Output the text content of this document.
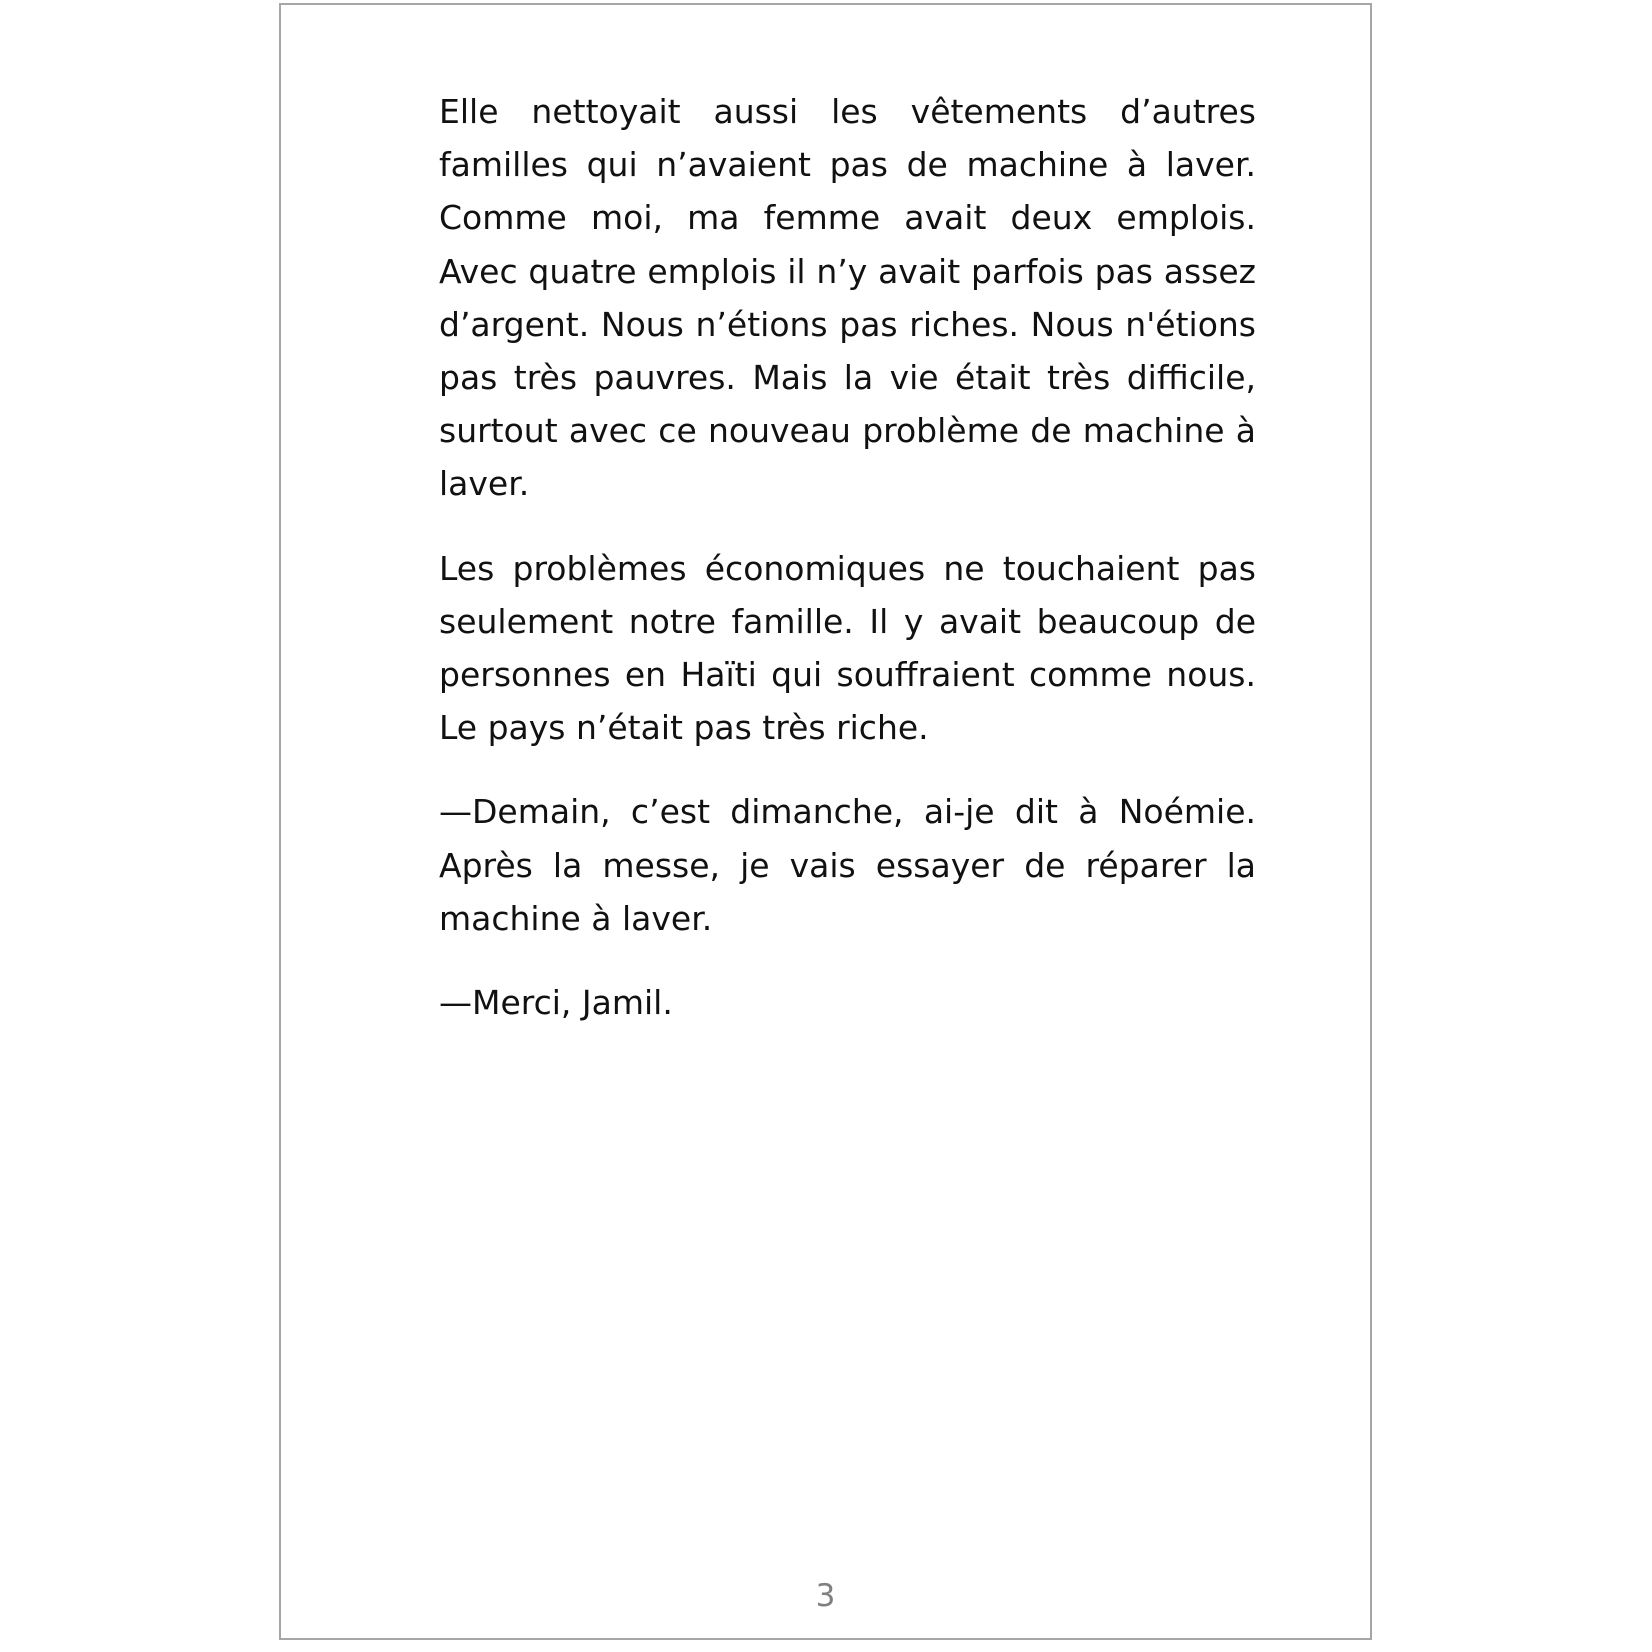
Elle nettoyait aussi les vêtements d’autres familles qui n’avaient pas de machine à laver. Comme moi, ma femme avait deux emplois. Avec quatre emplois il n’y avait parfois pas assez d’argent. Nous n’étions pas riches. Nous n'étions pas très pauvres. Mais la vie était très difficile, surtout avec ce nouveau problème de machine à laver.

Les problèmes économiques ne touchaient pas seulement notre famille. Il y avait beaucoup de personnes en Haïti qui souffraient comme nous. Le pays n’était pas très riche.

—Demain, c’est dimanche, ai-je dit à Noémie. Après la messe, je vais essayer de réparer la machine à laver.

—Merci, Jamil.

3
